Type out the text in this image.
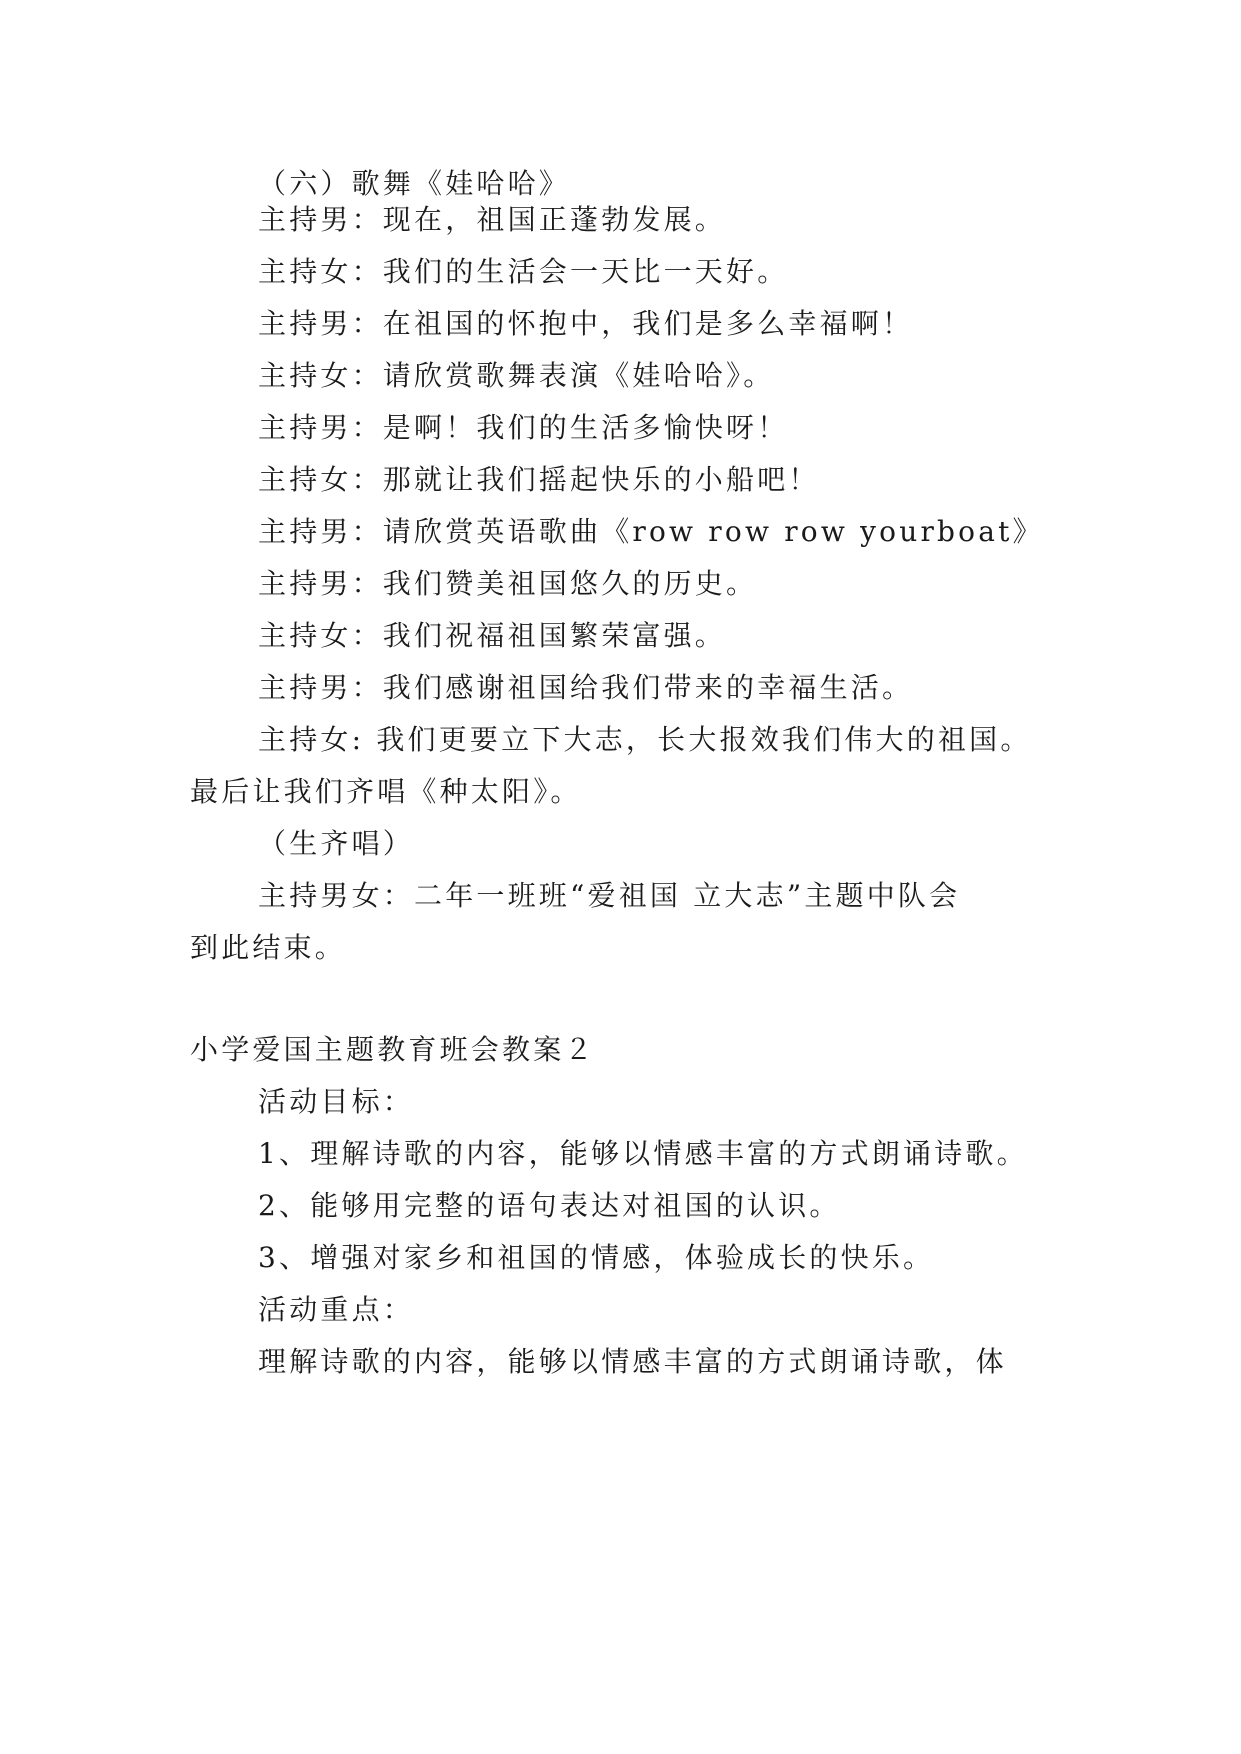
（六）歌舞《娃哈哈》
主持男：现在，祖国正蓬勃发展。
主持女：我们的生活会一天比一天好。
主持男：在祖国的怀抱中，我们是多么幸福啊！
主持女：请欣赏歌舞表演《娃哈哈》。
主持男：是啊！我们的生活多愉快呀！
主持女：那就让我们摇起快乐的小船吧！
主持男：请欣赏英语歌曲《row row row yourboat》
主持男：我们赞美祖国悠久的历史。
主持女：我们祝福祖国繁荣富强。
主持男：我们感谢祖国给我们带来的幸福生活。
主持女: 我们更要立下大志，长大报效我们伟大的祖国。
最后让我们齐唱《种太阳》。
（生齐唱）
主持男女：二年一班班“爱祖国 立大志”主题中队会
到此结束。
小学爱国主题教育班会教案２
活动目标：
1、理解诗歌的内容，能够以情感丰富的方式朗诵诗歌。
2、能够用完整的语句表达对祖国的认识。
3、增强对家乡和祖国的情感，体验成长的快乐。
活动重点：
理解诗歌的内容，能够以情感丰富的方式朗诵诗歌，体
